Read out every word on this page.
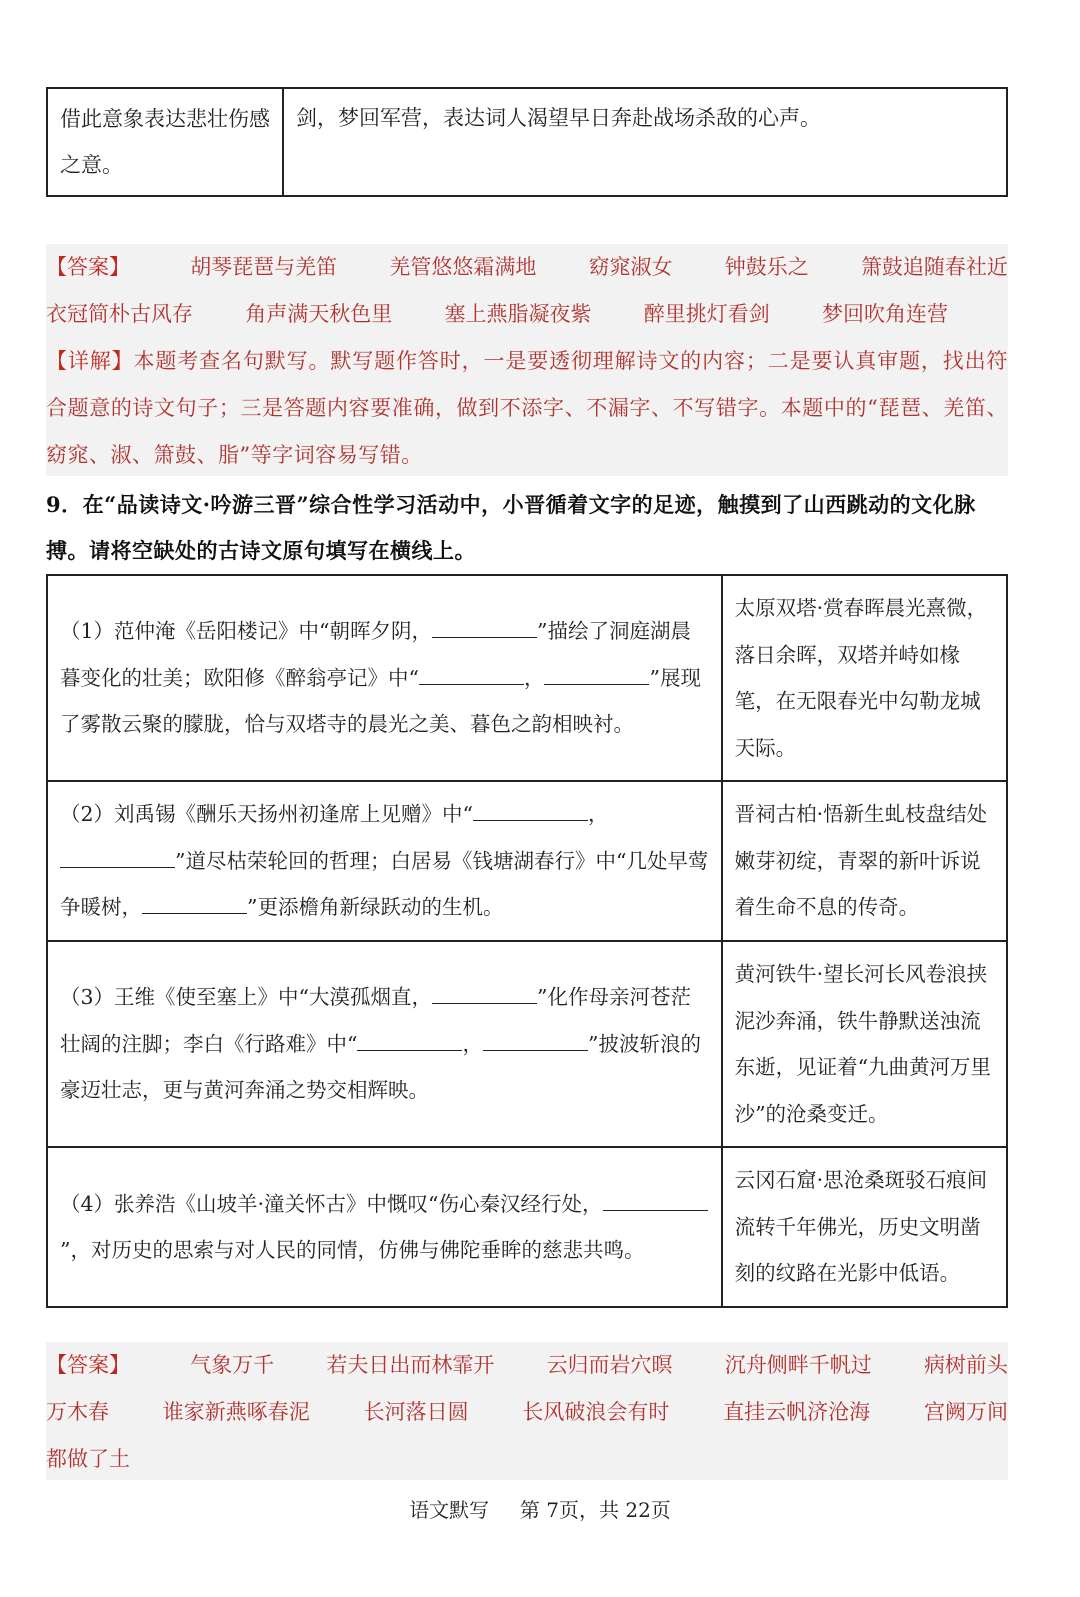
借此意象表达悲壮伤感之意。	剑，梦回军营，表达词人渴望早日奔赴战场杀敌的心声。
【答案】	胡琴琵琶与羌笛 羌管悠悠霜满地 窈窕淑女 钟鼓乐之 箫鼓追随春社近
衣冠简朴古风存 角声满天秋色里 塞上燕脂凝夜紫 醉里挑灯看剑 梦回吹角连营
【详解】本题考查名句默写。默写题作答时，一是要透彻理解诗文的内容；二是要认真审题，找出符合题意的诗文句子；三是答题内容要准确，做到不添字、不漏字、不写错字。本题中的“琵琶、羌笛、窈窕、淑、箫鼓、脂”等字词容易写错。
9．在“品读诗文·吟游三晋”综合性学习活动中，小晋循着文字的足迹，触摸到了山西跳动的文化脉搏。请将空缺处的古诗文原句填写在横线上。
（1）范仲淹《岳阳楼记》中“朝晖夕阴， ”描绘了洞庭湖晨暮变化的壮美；欧阳修《醉翁亭记》中“ ， ”展现了雾散云聚的朦胧，恰与双塔寺的晨光之美、暮色之韵相映衬。	太原双塔·赏春晖晨光熹微，落日余晖，双塔并峙如椽笔，在无限春光中勾勒龙城天际。
（2）刘禹锡《酬乐天扬州初逢席上见赠》中“ ，”道尽枯荣轮回的哲理；白居易《钱塘湖春行》中“几处早莺争暖树， ”更添檐角新绿跃动的生机。	晋祠古柏·悟新生虬枝盘结处嫩芽初绽，青翠的新叶诉说着生命不息的传奇。
（3）王维《使至塞上》中“大漠孤烟直， ”化作母亲河苍茫壮阔的注脚；李白《行路难》中“ ， ”披波斩浪的豪迈壮志，更与黄河奔涌之势交相辉映。	黄河铁牛·望长河长风卷浪挟泥沙奔涌，铁牛静默送浊流东逝，见证着“九曲黄河万里沙”的沧桑变迁。
（4）张养浩《山坡羊·潼关怀古》中慨叹“伤心秦汉经行处，”，对历史的思索与对人民的同情，仿佛与佛陀垂眸的慈悲共鸣。	云冈石窟·思沧桑斑驳石痕间流转千年佛光，历史文明凿刻的纹路在光影中低语。
【答案】	气象万千 若夫日出而林霏开 云归而岩穴暝 沉舟侧畔千帆过 病树前头
万木春	谁家新燕啄春泥	长河落日圆	长风破浪会有时	直挂云帆济沧海	宫阙万间
都做了土
语文默写 第 7页，共 22页
